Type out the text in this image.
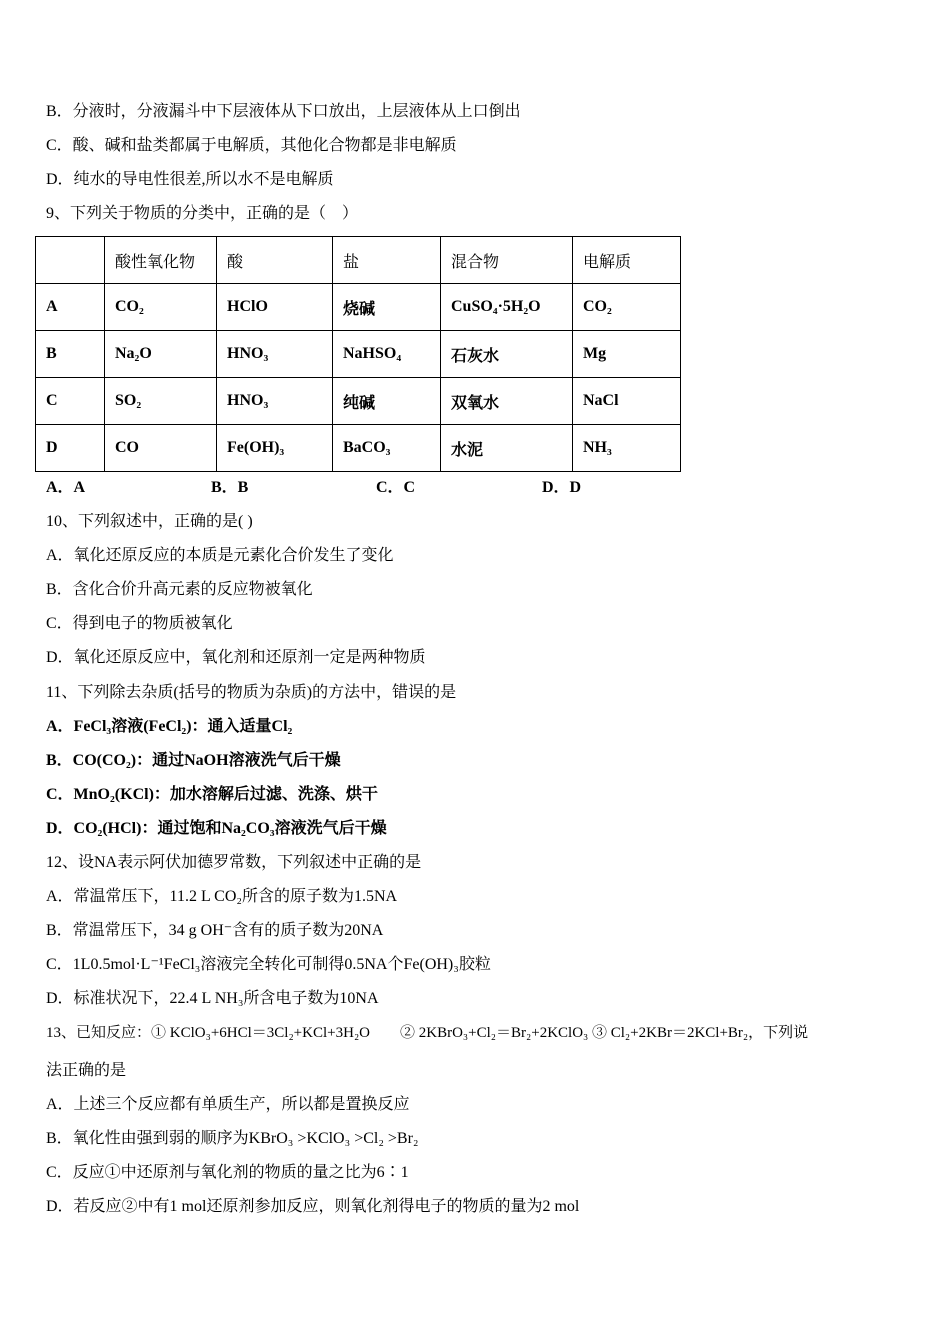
B．分液时，分液漏斗中下层液体从下口放出，上层液体从上口倒出
C．酸、碱和盐类都属于电解质，其他化合物都是非电解质
D．纯水的导电性很差,所以水不是电解质
9、下列关于物质的分类中，正确的是（　）
	酸性氧化物	酸	盐	混合物	电解质
A	CO₂	HClO	烧碱	CuSO₄·5H₂O	CO₂
B	Na₂O	HNO₃	NaHSO₄	石灰水	Mg
C	SO₂	HNO₃	纯碱	双氧水	NaCl
D	CO	Fe(OH)₃	BaCO₃	水泥	NH₃
A．A	B．B	C．C	D．D
10、下列叙述中，正确的是( )
A．氧化还原反应的本质是元素化合价发生了变化
B．含化合价升高元素的反应物被氧化
C．得到电子的物质被氧化
D．氧化还原反应中，氧化剂和还原剂一定是两种物质
11、下列除去杂质(括号的物质为杂质)的方法中，错误的是
A．FeCl₃溶液(FeCl₂)：通入适量Cl₂
B．CO(CO₂)：通过NaOH溶液洗气后干燥
C．MnO₂(KCl)：加水溶解后过滤、洗涤、烘干
D．CO₂(HCl)：通过饱和Na₂CO₃溶液洗气后干燥
12、设NA表示阿伏加德罗常数，下列叙述中正确的是
A．常温常压下，11.2 L CO₂所含的原子数为1.5NA
B．常温常压下，34 g OH⁻含有的质子数为20NA
C．1L0.5mol·L⁻¹FeCl₃溶液完全转化可制得0.5NA个Fe(OH)₃胶粒
D．标准状况下，22.4 L NH₃所含电子数为10NA
13、已知反应：① KClO₃+6HCl＝3Cl₂+KCl+3H₂O　　② 2KBrO₃+Cl₂＝Br₂+2KClO₃ ③ Cl₂+2KBr＝2KCl+Br₂，下列说
法正确的是
A．上述三个反应都有单质生产，所以都是置换反应
B．氧化性由强到弱的顺序为KBrO₃ >KClO₃ >Cl₂ >Br₂
C．反应①中还原剂与氧化剂的物质的量之比为6∶1
D．若反应②中有1 mol还原剂参加反应，则氧化剂得电子的物质的量为2 mol
